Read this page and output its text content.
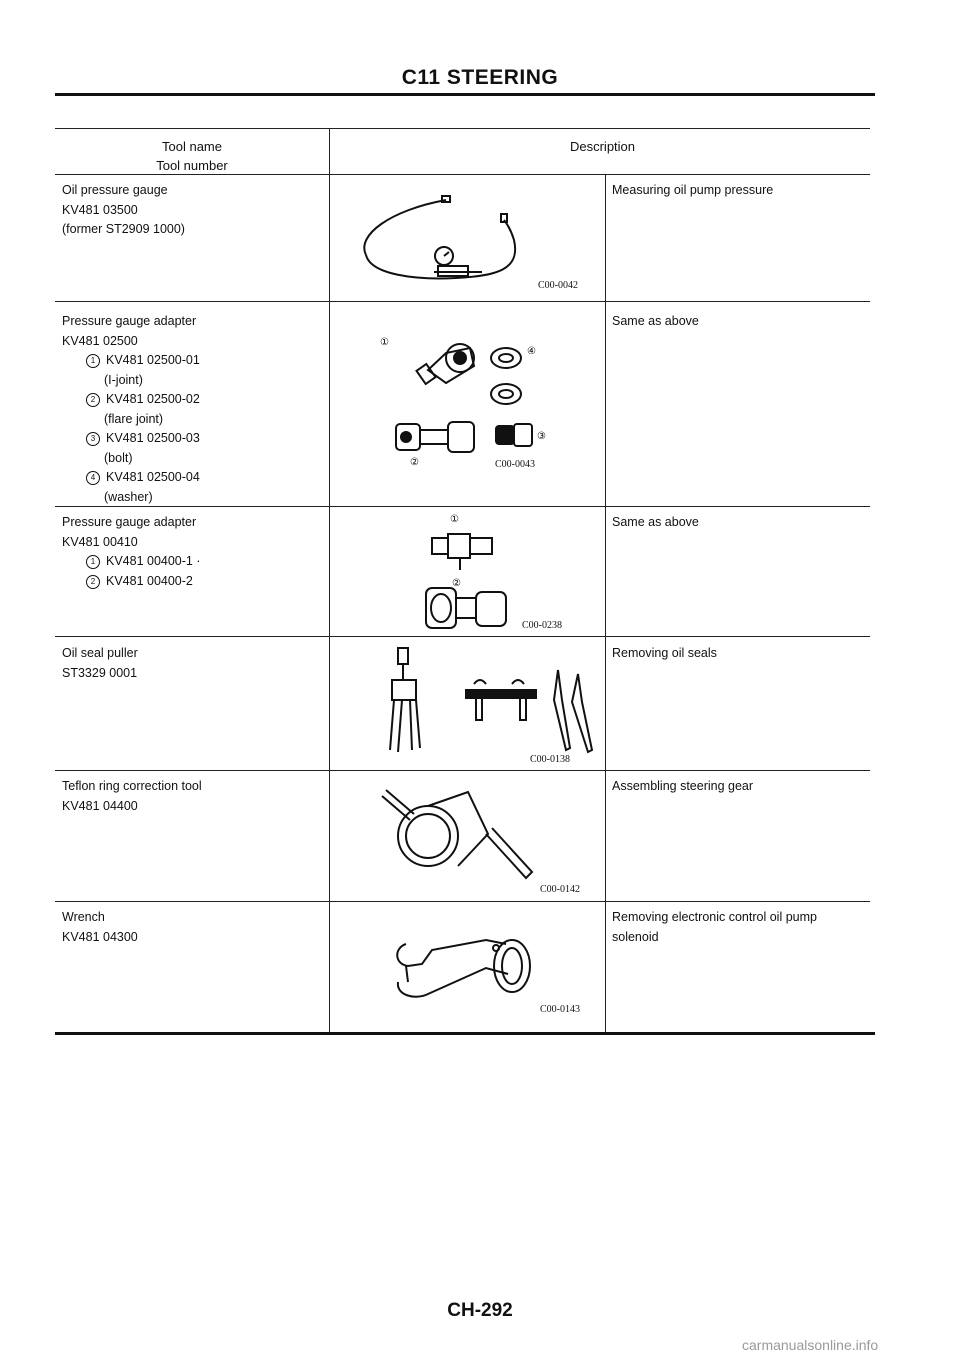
C11 STEERING
Tool name
Tool number
Description
Oil pressure gauge
KV481 03500
(former ST2909 1000)
C00-0042
Measuring oil pump pressure
Pressure gauge adapter
KV481 02500
1 KV481 02500-01
(I-joint)
2 KV481 02500-02
(flare joint)
3 KV481 02500-03
(bolt)
4 KV481 02500-04
(washer)
①
④
③
②	C00-0043
Same as above
Pressure gauge adapter
KV481 00410
1 KV481 00400-1 ·
2 KV481 00400-2
①
②
C00-0238
Same as above
Oil seal puller
ST3329 0001
C00-0138
Removing oil seals
Teflon ring correction tool
KV481 04400
C00-0142
Assembling steering gear
Wrench
KV481 04300
C00-0143
Removing electronic control oil pump
solenoid
CH-292
carmanualsonline.info
